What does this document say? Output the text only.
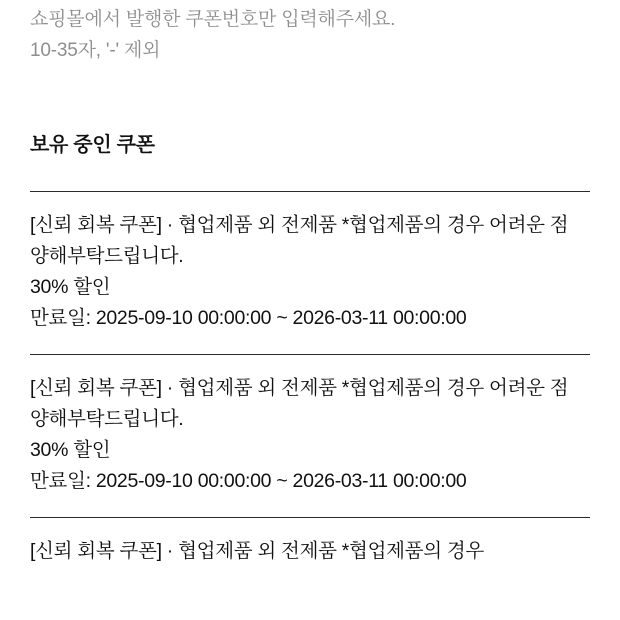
쇼핑몰에서 발행한 쿠폰번호만 입력해주세요.
10-35자, '-' 제외
보유 중인 쿠폰
[신뢰 회복 쿠폰] · 협업제품 외 전제품 *협업제품의 경우 어려운 점 양해부탁드립니다.
30% 할인
만료일: 2025-09-10 00:00:00 ~ 2026-03-11 00:00:00
[신뢰 회복 쿠폰] · 협업제품 외 전제품 *협업제품의 경우 어려운 점 양해부탁드립니다.
30% 할인
만료일: 2025-09-10 00:00:00 ~ 2026-03-11 00:00:00
[신뢰 회복 쿠폰] · 협업제품 외 전제품 *협업제품의 경우
